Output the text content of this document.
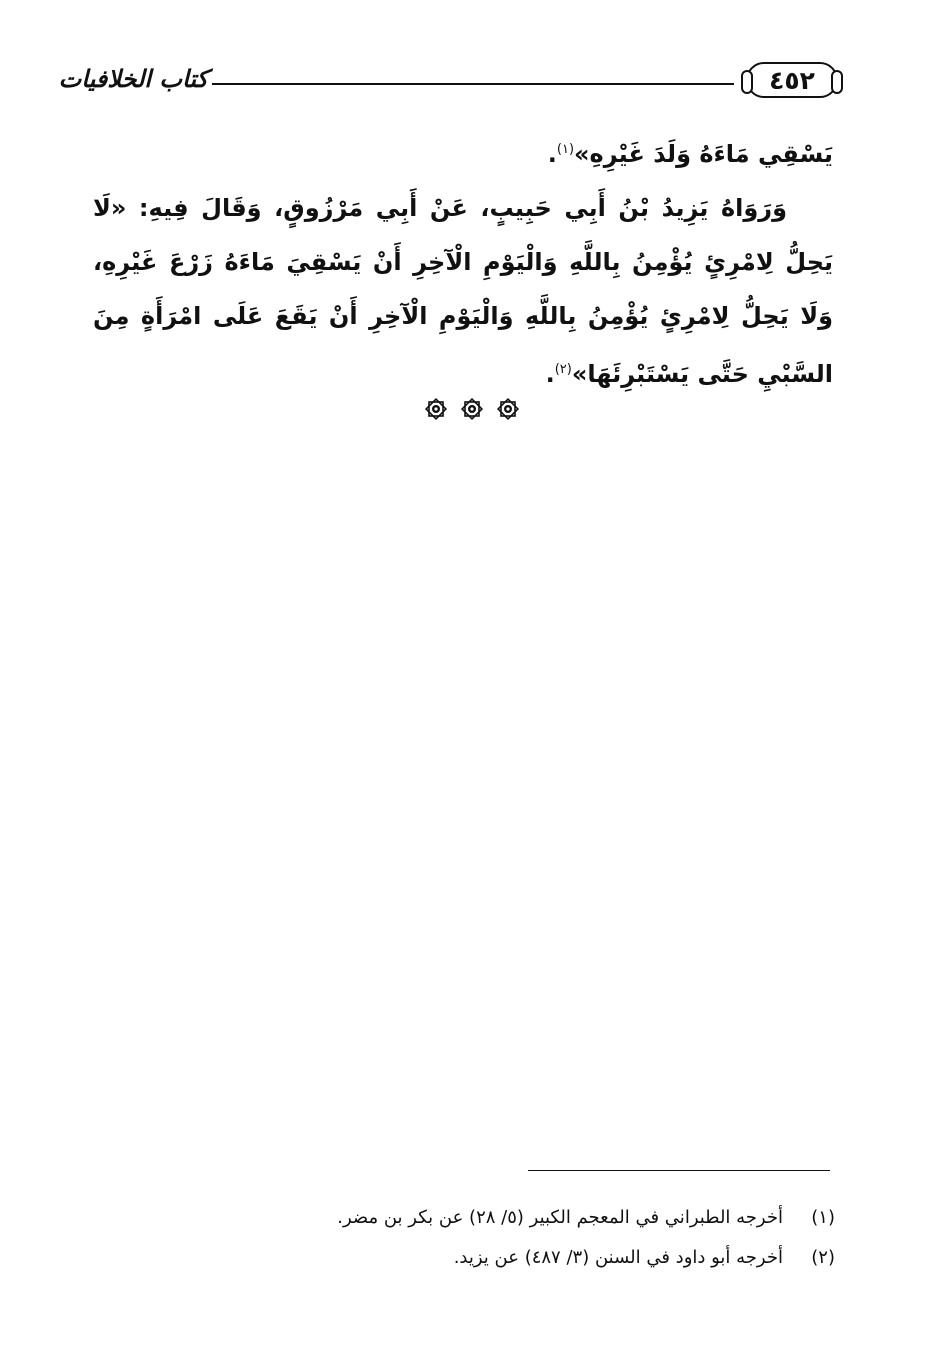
كتاب الخلافيات	٤٥٢

يَسْقِي مَاءَهُ وَلَدَ غَيْرِهِ»$^{(١)}$.

وَرَوَاهُ يَزِيدُ بْنُ أَبِي حَبِيبٍ، عَنْ أَبِي مَرْزُوقٍ، وَقَالَ فِيهِ: «لَا يَحِلُّ لِامْرِئٍ يُؤْمِنُ بِاللَّهِ وَالْيَوْمِ الْآخِرِ أَنْ يَسْقِيَ مَاءَهُ زَرْعَ غَيْرِهِ، وَلَا يَحِلُّ لِامْرِئٍ يُؤْمِنُ بِاللَّهِ وَالْيَوْمِ الْآخِرِ أَنْ يَقَعَ عَلَى امْرَأَةٍ مِنَ السَّبْيِ حَتَّى يَسْتَبْرِئَهَا»$^{(٢)}$.

(١)
أخرجه الطبراني في المعجم الكبير (٥/ ٢٨) عن بكر بن مضر.
(٢)
أخرجه أبو داود في السنن (٣/ ٤٨٧) عن يزيد.
